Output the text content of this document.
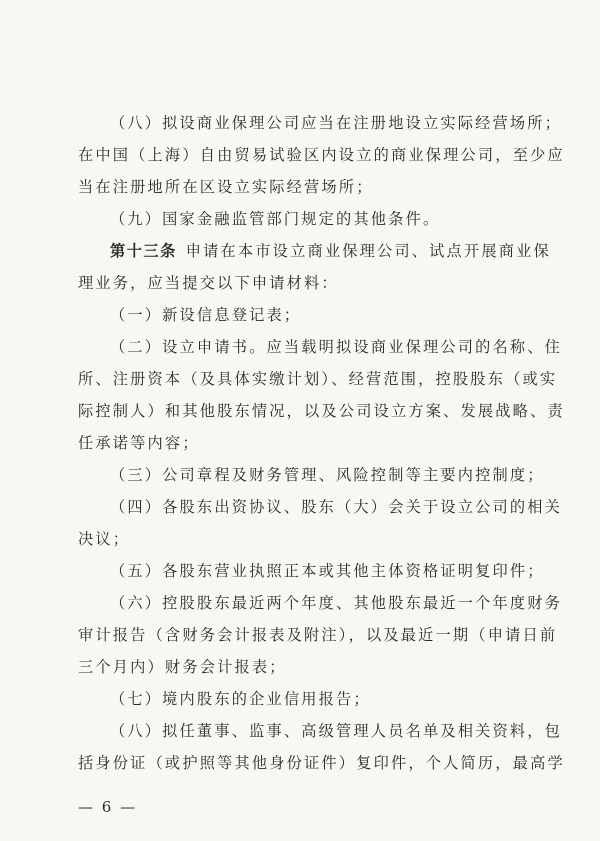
（八）拟设商业保理公司应当在注册地设立实际经营场所；
在中国（上海）自由贸易试验区内设立的商业保理公司，至少应
当在注册地所在区设立实际经营场所；
（九）国家金融监管部门规定的其他条件。
第十三条 申请在本市设立商业保理公司、试点开展商业保
理业务，应当提交以下申请材料：
（一）新设信息登记表；
（二）设立申请书。应当载明拟设商业保理公司的名称、住
所、注册资本（及具体实缴计划）、经营范围，控股股东（或实
际控制人）和其他股东情况，以及公司设立方案、发展战略、责
任承诺等内容；
（三）公司章程及财务管理、风险控制等主要内控制度；
（四）各股东出资协议、股东（大）会关于设立公司的相关
决议；
（五）各股东营业执照正本或其他主体资格证明复印件；
（六）控股股东最近两个年度、其他股东最近一个年度财务
审计报告（含财务会计报表及附注），以及最近一期（申请日前
三个月内）财务会计报表；
（七）境内股东的企业信用报告；
（八）拟任董事、监事、高级管理人员名单及相关资料，包
括身份证（或护照等其他身份证件）复印件，个人简历，最高学
— 6 —
